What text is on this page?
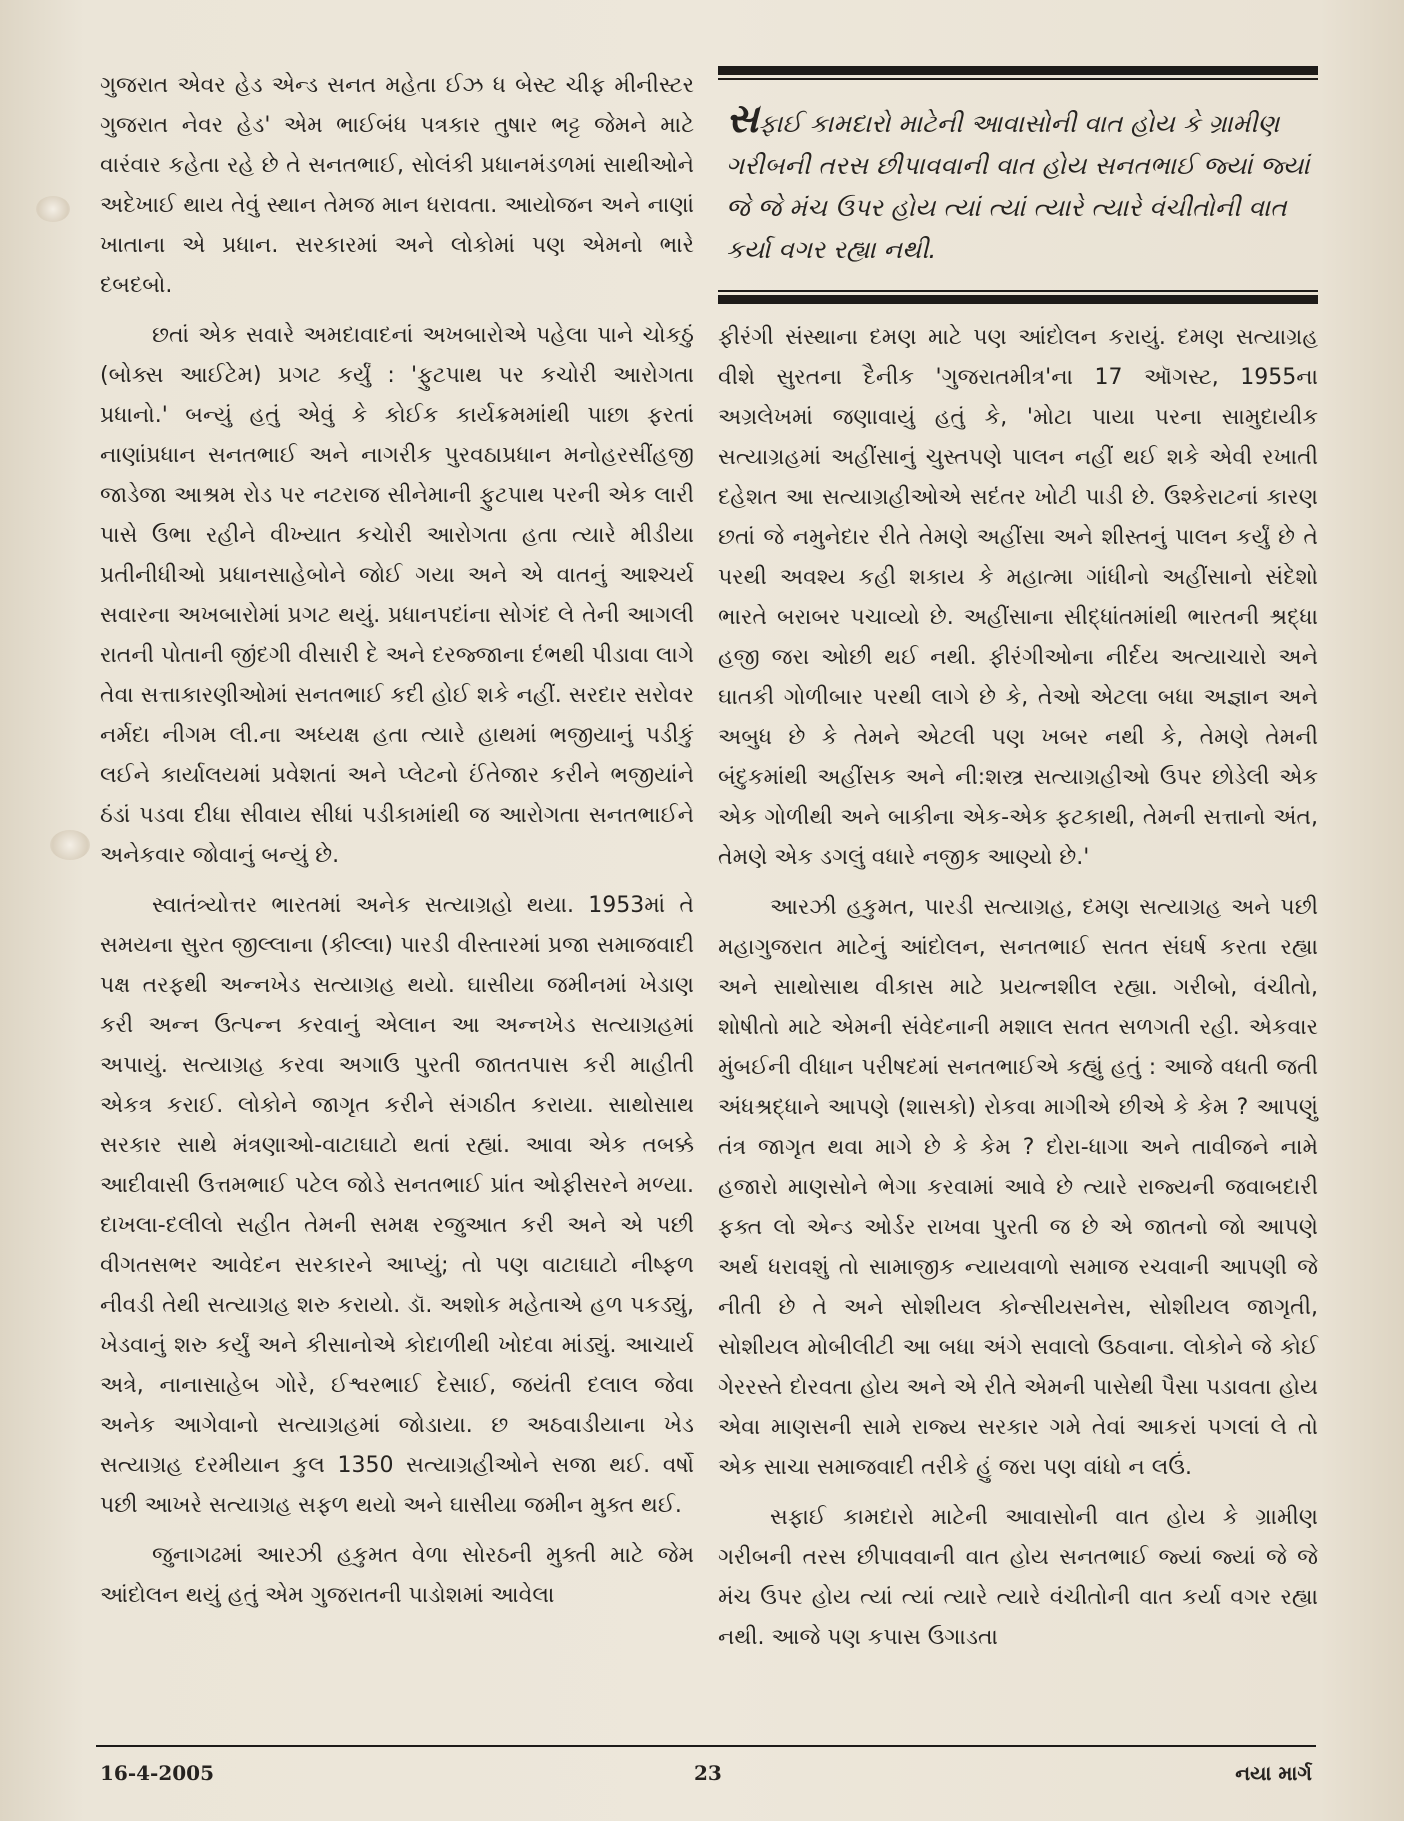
ગુજરાત એવર હેડ એન્ડ સનત મહેતા ઈઝ ધ બેસ્ટ ચીફ મીનીસ્ટર ગુજરાત નેવર હેડ' એમ ભાઈબંધ પત્રકાર તુષાર ભટ્ટ જેમને માટે વારંવાર કહેતા રહે છે તે સનતભાઈ, સોલંકી પ્રધાનમંડળમાં સાથીઓને અદેખાઈ થાય તેવું સ્થાન તેમજ માન ધરાવતા. આયોજન અને નાણાં ખાતાના એ પ્રધાન. સરકારમાં અને લોકોમાં પણ એમનો ભારે દબદબો.

છતાં એક સવારે અમદાવાદનાં અખબારોએ પહેલા પાને ચોકઠું (બોક્સ આઈટેમ) પ્રગટ કર્યું : 'ફુટપાથ પર કચોરી આરોગતા પ્રધાનો.' બન્યું હતું એવું કે કોઈક કાર્યક્રમમાંથી પાછા ફરતાં નાણાંપ્રધાન સનતભાઈ અને નાગરીક પુરવઠાપ્રધાન મનોહરસીંહજી જાડેજા આશ્રમ રોડ પર નટરાજ સીનેમાની ફુટપાથ પરની એક લારી પાસે ઉભા રહીને વીખ્યાત કચોરી આરોગતા હતા ત્યારે મીડીયા પ્રતીનીધીઓ પ્રધાનસાહેબોને જોઈ ગયા અને એ વાતનું આશ્ચર્ય સવારના અખબારોમાં પ્રગટ થયું. પ્રધાનપદાંના સોગંદ લે તેની આગલી રાતની પોતાની જીંદગી વીસારી દે અને દરજ્જાના દંભથી પીડાવા લાગે તેવા સત્તાકારણીઓમાં સનતભાઈ કદી હોઈ શકે નહીં. સરદાર સરોવર નર્મદા નીગમ લી.ના અધ્યક્ષ હતા ત્યારે હાથમાં ભજીયાનું પડીકું લઈને કાર્યાલયમાં પ્રવેશતાં અને પ્લેટનો ઈંતેજાર કરીને ભજીયાંને ઠંડાં પડવા દીધા સીવાય સીધાં પડીકામાંથી જ આરોગતા સનતભાઈને અનેકવાર જોવાનું બન્યું છે.

સ્વાતંત્ર્યોત્તર ભારતમાં અનેક સત્યાગ્રહો થયા. 1953માં તે સમયના સુરત જીલ્લાના (કીલ્લા) પારડી વીસ્તારમાં પ્રજા સમાજવાદી પક્ષ તરફથી અન્નખેડ સત્યાગ્રહ થયો. ઘાસીયા જમીનમાં ખેડાણ કરી અન્ન ઉત્પન્ન કરવાનું એલાન આ અન્નખેડ સત્યાગ્રહમાં અપાયું. સત્યાગ્રહ કરવા અગાઉ પુરતી જાતતપાસ કરી માહીતી એકત્ર કરાઈ. લોકોને જાગૃત કરીને સંગઠીત કરાયા. સાથોસાથ સરકાર સાથે મંત્રણાઓ-વાટાઘાટો થતાં રહ્યાં. આવા એક તબક્કે આદીવાસી ઉત્તમભાઈ પટેલ જોડે સનતભાઈ પ્રાંત ઓફીસરને મળ્યા. દાખલા-દલીલો સહીત તેમની સમક્ષ રજુઆત કરી અને એ પછી વીગતસભર આવેદન સરકારને આપ્યું; તો પણ વાટાઘાટો નીષ્ફળ નીવડી તેથી સત્યાગ્રહ શરુ કરાયો. ડૉ. અશોક મહેતાએ હળ પકડ્યું, ખેડવાનું શરુ કર્યું અને કીસાનોએ કોદાળીથી ખોદવા માંડ્યું. આચાર્ય અત્રે, નાનાસાહેબ ગોરે, ઈશ્વરભાઈ દેસાઈ, જયંતી દલાલ જેવા અનેક આગેવાનો સત્યાગ્રહમાં જોડાયા. છ અઠવાડીયાના ખેડ સત્યાગ્રહ દરમીયાન કુલ 1350 સત્યાગ્રહીઓને સજા થઈ. વર્ષો પછી આખરે સત્યાગ્રહ સફળ થયો અને ઘાસીયા જમીન મુક્ત થઈ.

જુનાગઢમાં આરઝી હકુમત વેળા સોરઠની મુક્તી માટે જેમ આંદોલન થયું હતું એમ ગુજરાતની પાડોશમાં આવેલા

સફાઈ કામદારો માટેની આવાસોની વાત હોય કે ગ્રામીણ ગરીબની તરસ છીપાવવાની વાત હોય સનતભાઈ જ્યાં જ્યાં જે જે મંચ ઉપર હોય ત્યાં ત્યાં ત્યારે ત્યારે વંચીતોની વાત કર્યા વગર રહ્યા નથી.

ફીરંગી સંસ્થાના દમણ માટે પણ આંદોલન કરાયું. દમણ સત્યાગ્રહ વીશે સુરતના દૈનીક 'ગુજરાતમીત્ર'ના 17 ઑગસ્ટ, 1955ના અગ્રલેખમાં જણાવાયું હતું કે, 'મોટા પાયા પરના સામુદાયીક સત્યાગ્રહમાં અહીંસાનું ચુસ્તપણે પાલન નહીં થઈ શકે એવી રખાતી દહેશત આ સત્યાગ્રહીઓએ સદંતર ખોટી પાડી છે. ઉશ્કેરાટનાં કારણ છતાં જે નમુનેદાર રીતે તેમણે અહીંસા અને શીસ્તનું પાલન કર્યું છે તે પરથી અવશ્ય કહી શકાય કે મહાત્મા ગાંધીનો અહીંસાનો સંદેશો ભારતે બરાબર પચાવ્યો છે. અહીંસાના સીદ્ધાંતમાંથી ભારતની શ્રદ્ધા હજી જરા ઓછી થઈ નથી. ફીરંગીઓના નીર્દય અત્યાચારો અને ઘાતકી ગોળીબાર પરથી લાગે છે કે, તેઓ એટલા બધા અજ્ઞાન અને અબુધ છે કે તેમને એટલી પણ ખબર નથી કે, તેમણે તેમની બંદુકમાંથી અહીંસક અને ની:શસ્ત્ર સત્યાગ્રહીઓ ઉપર છોડેલી એક એક ગોળીથી અને બાકીના એક-એક ફટકાથી, તેમની સત્તાનો અંત, તેમણે એક ડગલું વધારે નજીક આણ્યો છે.'

આરઝી હકુમત, પારડી સત્યાગ્રહ, દમણ સત્યાગ્રહ અને પછી મહાગુજરાત માટેનું આંદોલન, સનતભાઈ સતત સંઘર્ષ કરતા રહ્યા અને સાથોસાથ વીકાસ માટે પ્રયત્નશીલ રહ્યા. ગરીબો, વંચીતો, શોષીતો માટે એમની સંવેદનાની મશાલ સતત સળગતી રહી. એકવાર મુંબઈની વીધાન પરીષદમાં સનતભાઈએ કહ્યું હતું : આજે વધતી જતી અંધશ્રદ્ધાને આપણે (શાસકો) રોકવા માગીએ છીએ કે કેમ ? આપણું તંત્ર જાગૃત થવા માગે છે કે કેમ ? દોરા-ધાગા અને તાવીજને નામે હજારો માણસોને ભેગા કરવામાં આવે છે ત્યારે રાજ્યની જવાબદારી ફક્ત લો એન્ડ ઓર્ડર રાખવા પુરતી જ છે એ જાતનો જો આપણે અર્થ ધરાવશું તો સામાજીક ન્યાયવાળો સમાજ રચવાની આપણી જે નીતી છે તે અને સોશીયલ કોન્સીયસનેસ, સોશીયલ જાગૃતી, સોશીયલ મોબીલીટી આ બધા અંગે સવાલો ઉઠવાના. લોકોને જે કોઈ ગેરરસ્તે દોરવતા હોય અને એ રીતે એમની પાસેથી પૈસા પડાવતા હોય એવા માણસની સામે રાજ્ય સરકાર ગમે તેવાં આકરાં પગલાં લે તો એક સાચા સમાજવાદી તરીકે હું જરા પણ વાંધો ન લઉં.

સફાઈ કામદારો માટેની આવાસોની વાત હોય કે ગ્રામીણ ગરીબની તરસ છીપાવવાની વાત હોય સનતભાઈ જ્યાં જ્યાં જે જે મંચ ઉપર હોય ત્યાં ત્યાં ત્યારે ત્યારે વંચીતોની વાત કર્યા વગર રહ્યા નથી. આજે પણ કપાસ ઉગાડતા

16-4-2005	23	નયા માર્ગ
